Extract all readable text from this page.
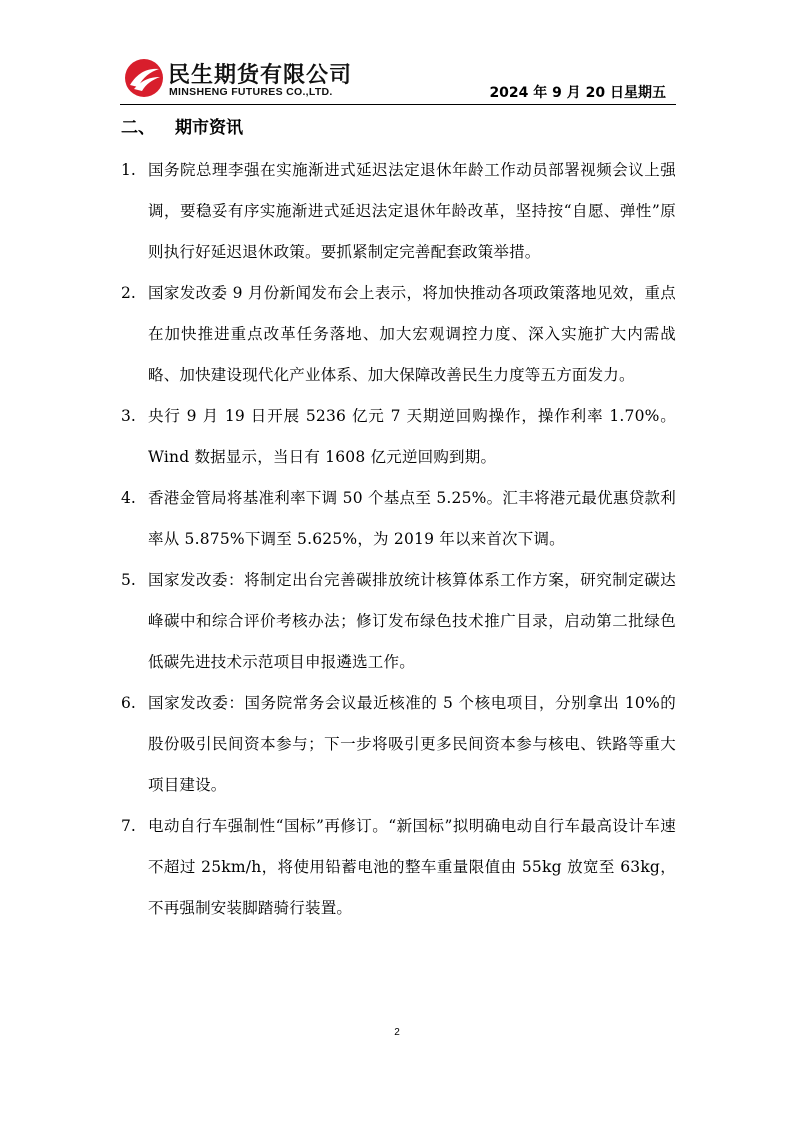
民生期货有限公司
MINSHENG FUTURES CO.,LTD.	2024 年 9 月 20 日星期五
二、 期市资讯
1. 国务院总理李强在实施渐进式延迟法定退休年龄工作动员部署视频会议上强调，要稳妥有序实施渐进式延迟法定退休年龄改革，坚持按“自愿、弹性”原则执行好延迟退休政策。要抓紧制定完善配套政策举措。
2. 国家发改委 9 月份新闻发布会上表示，将加快推动各项政策落地见效，重点在加快推进重点改革任务落地、加大宏观调控力度、深入实施扩大内需战略、加快建设现代化产业体系、加大保障改善民生力度等五方面发力。
3. 央行 9 月 19 日开展 5236 亿元 7 天期逆回购操作，操作利率 1.70%。Wind 数据显示，当日有 1608 亿元逆回购到期。
4. 香港金管局将基准利率下调 50 个基点至 5.25%。汇丰将港元最优惠贷款利率从 5.875%下调至 5.625%，为 2019 年以来首次下调。
5. 国家发改委：将制定出台完善碳排放统计核算体系工作方案，研究制定碳达峰碳中和综合评价考核办法；修订发布绿色技术推广目录，启动第二批绿色低碳先进技术示范项目申报遴选工作。
6. 国家发改委：国务院常务会议最近核准的 5 个核电项目，分别拿出 10%的股份吸引民间资本参与；下一步将吸引更多民间资本参与核电、铁路等重大项目建设。
7. 电动自行车强制性“国标”再修订。“新国标”拟明确电动自行车最高设计车速不超过 25km/h，将使用铅蓄电池的整车重量限值由 55kg 放宽至 63kg，不再强制安装脚踏骑行装置。
2
